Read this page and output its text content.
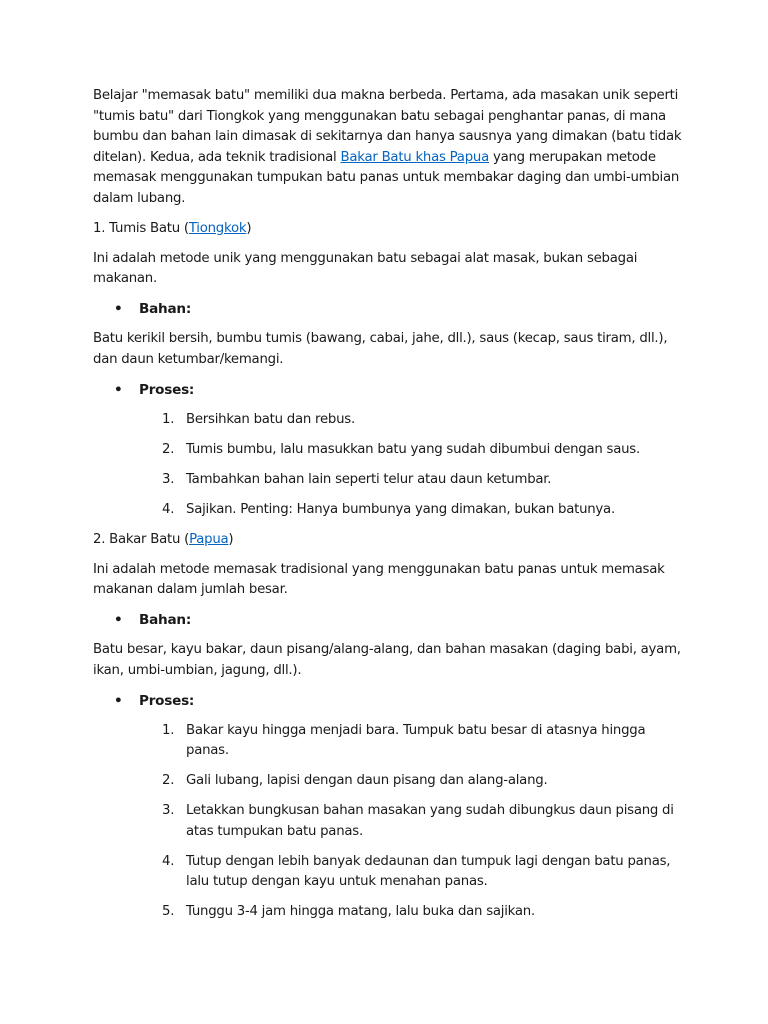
Belajar "memasak batu" memiliki dua makna berbeda. Pertama, ada masakan unik seperti "tumis batu" dari Tiongkok yang menggunakan batu sebagai penghantar panas, di mana bumbu dan bahan lain dimasak di sekitarnya dan hanya sausnya yang dimakan (batu tidak ditelan). Kedua, ada teknik tradisional Bakar Batu khas Papua yang merupakan metode memasak menggunakan tumpukan batu panas untuk membakar daging dan umbi-umbian dalam lubang.

1. Tumis Batu (Tiongkok)

Ini adalah metode unik yang menggunakan batu sebagai alat masak, bukan sebagai makanan.

• Bahan:

Batu kerikil bersih, bumbu tumis (bawang, cabai, jahe, dll.), saus (kecap, saus tiram, dll.), dan daun ketumbar/kemangi.

• Proses:
1. Bersihkan batu dan rebus.
2. Tumis bumbu, lalu masukkan batu yang sudah dibumbui dengan saus.
3. Tambahkan bahan lain seperti telur atau daun ketumbar.
4. Sajikan. Penting: Hanya bumbunya yang dimakan, bukan batunya.

2. Bakar Batu (Papua)

Ini adalah metode memasak tradisional yang menggunakan batu panas untuk memasak makanan dalam jumlah besar.

• Bahan:

Batu besar, kayu bakar, daun pisang/alang-alang, dan bahan masakan (daging babi, ayam, ikan, umbi-umbian, jagung, dll.).

• Proses:
1. Bakar kayu hingga menjadi bara. Tumpuk batu besar di atasnya hingga panas.
2. Gali lubang, lapisi dengan daun pisang dan alang-alang.
3. Letakkan bungkusan bahan masakan yang sudah dibungkus daun pisang di atas tumpukan batu panas.
4. Tutup dengan lebih banyak dedaunan dan tumpuk lagi dengan batu panas, lalu tutup dengan kayu untuk menahan panas.
5. Tunggu 3-4 jam hingga matang, lalu buka dan sajikan.
